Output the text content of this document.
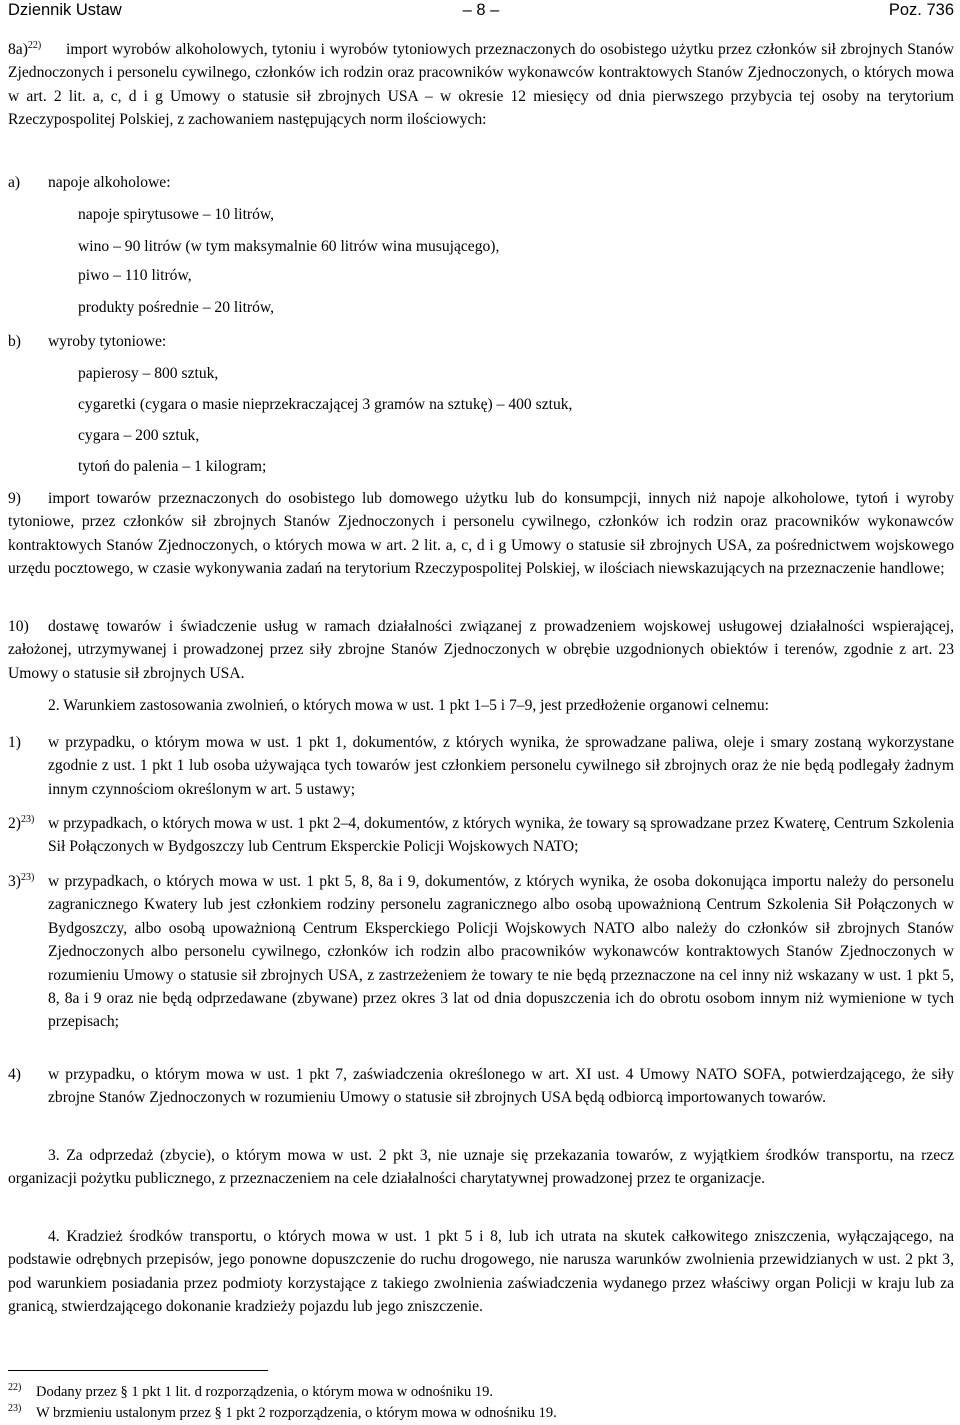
Dziennik Ustaw	– 8 –	Poz. 736
8a)$^{22)}$	import wyrobów alkoholowych, tytoniu i wyrobów tytoniowych przeznaczonych do osobistego użytku przez członków sił zbrojnych Stanów Zjednoczonych i personelu cywilnego, członków ich rodzin oraz pracowników wykonawców kontraktowych Stanów Zjednoczonych, o których mowa w art. 2 lit. a, c, d i g Umowy o statusie sił zbrojnych USA – w okresie 12 miesięcy od dnia pierwszego przybycia tej osoby na terytorium Rzeczypospolitej Polskiej, z zachowaniem następujących norm ilościowych:
a) napoje alkoholowe:
napoje spirytusowe – 10 litrów,
wino – 90 litrów (w tym maksymalnie 60 litrów wina musującego),
piwo – 110 litrów,
produkty pośrednie – 20 litrów,
b) wyroby tytoniowe:
papierosy – 800 sztuk,
cygaretki (cygara o masie nieprzekraczającej 3 gramów na sztukę) – 400 sztuk,
cygara – 200 sztuk,
tytoń do palenia – 1 kilogram;
9)	import towarów przeznaczonych do osobistego lub domowego użytku lub do konsumpcji, innych niż napoje alkoholowe, tytoń i wyroby tytoniowe, przez członków sił zbrojnych Stanów Zjednoczonych i personelu cywilnego, członków ich rodzin oraz pracowników wykonawców kontraktowych Stanów Zjednoczonych, o których mowa w art. 2 lit. a, c, d i g Umowy o statusie sił zbrojnych USA, za pośrednictwem wojskowego urzędu pocztowego, w czasie wykonywania zadań na terytorium Rzeczypospolitej Polskiej, w ilościach niewskazujących na przeznaczenie handlowe;
10)	dostawę towarów i świadczenie usług w ramach działalności związanej z prowadzeniem wojskowej usługowej działalności wspierającej, założonej, utrzymywanej i prowadzonej przez siły zbrojne Stanów Zjednoczonych w obrębie uzgodnionych obiektów i terenów, zgodnie z art. 23 Umowy o statusie sił zbrojnych USA.
2. Warunkiem zastosowania zwolnień, o których mowa w ust. 1 pkt 1–5 i 7–9, jest przedłożenie organowi celnemu:
1) w przypadku, o którym mowa w ust. 1 pkt 1, dokumentów, z których wynika, że sprowadzane paliwa, oleje i smary zostaną wykorzystane zgodnie z ust. 1 pkt 1 lub osoba używająca tych towarów jest członkiem personelu cywilnego sił zbrojnych oraz że nie będą podlegały żadnym innym czynnościom określonym w art. 5 ustawy;
2)$^{23)}$ w przypadkach, o których mowa w ust. 1 pkt 2–4, dokumentów, z których wynika, że towary są sprowadzane przez Kwaterę, Centrum Szkolenia Sił Połączonych w Bydgoszczy lub Centrum Eksperckie Policji Wojskowych NATO;
3)$^{23)}$ w przypadkach, o których mowa w ust. 1 pkt 5, 8, 8a i 9, dokumentów, z których wynika, że osoba dokonująca importu należy do personelu zagranicznego Kwatery lub jest członkiem rodziny personelu zagranicznego albo osobą upoważnioną Centrum Szkolenia Sił Połączonych w Bydgoszczy, albo osobą upoważnioną Centrum Eksperckiego Policji Wojskowych NATO albo należy do członków sił zbrojnych Stanów Zjednoczonych albo personelu cywilnego, członków ich rodzin albo pracowników wykonawców kontraktowych Stanów Zjednoczonych w rozumieniu Umowy o statusie sił zbrojnych USA, z zastrzeżeniem że towary te nie będą przeznaczone na cel inny niż wskazany w ust. 1 pkt 5, 8, 8a i 9 oraz nie będą odprzedawane (zbywane) przez okres 3 lat od dnia dopuszczenia ich do obrotu osobom innym niż wymienione w tych przepisach;
4) w przypadku, o którym mowa w ust. 1 pkt 7, zaświadczenia określonego w art. XI ust. 4 Umowy NATO SOFA, potwierdzającego, że siły zbrojne Stanów Zjednoczonych w rozumieniu Umowy o statusie sił zbrojnych USA będą odbiorcą importowanych towarów.
3. Za odprzedaż (zbycie), o którym mowa w ust. 2 pkt 3, nie uznaje się przekazania towarów, z wyjątkiem środków transportu, na rzecz organizacji pożytku publicznego, z przeznaczeniem na cele działalności charytatywnej prowadzonej przez te organizacje.
4. Kradzież środków transportu, o których mowa w ust. 1 pkt 5 i 8, lub ich utrata na skutek całkowitego zniszczenia, wyłączającego, na podstawie odrębnych przepisów, jego ponowne dopuszczenie do ruchu drogowego, nie narusza warunków zwolnienia przewidzianych w ust. 2 pkt 3, pod warunkiem posiadania przez podmioty korzystające z takiego zwolnienia zaświadczenia wydanego przez właściwy organ Policji w kraju lub za granicą, stwierdzającego dokonanie kradzieży pojazdu lub jego zniszczenie.
22) Dodany przez § 1 pkt 1 lit. d rozporządzenia, o którym mowa w odnośniku 19.
23) W brzmieniu ustalonym przez § 1 pkt 2 rozporządzenia, o którym mowa w odnośniku 19.
